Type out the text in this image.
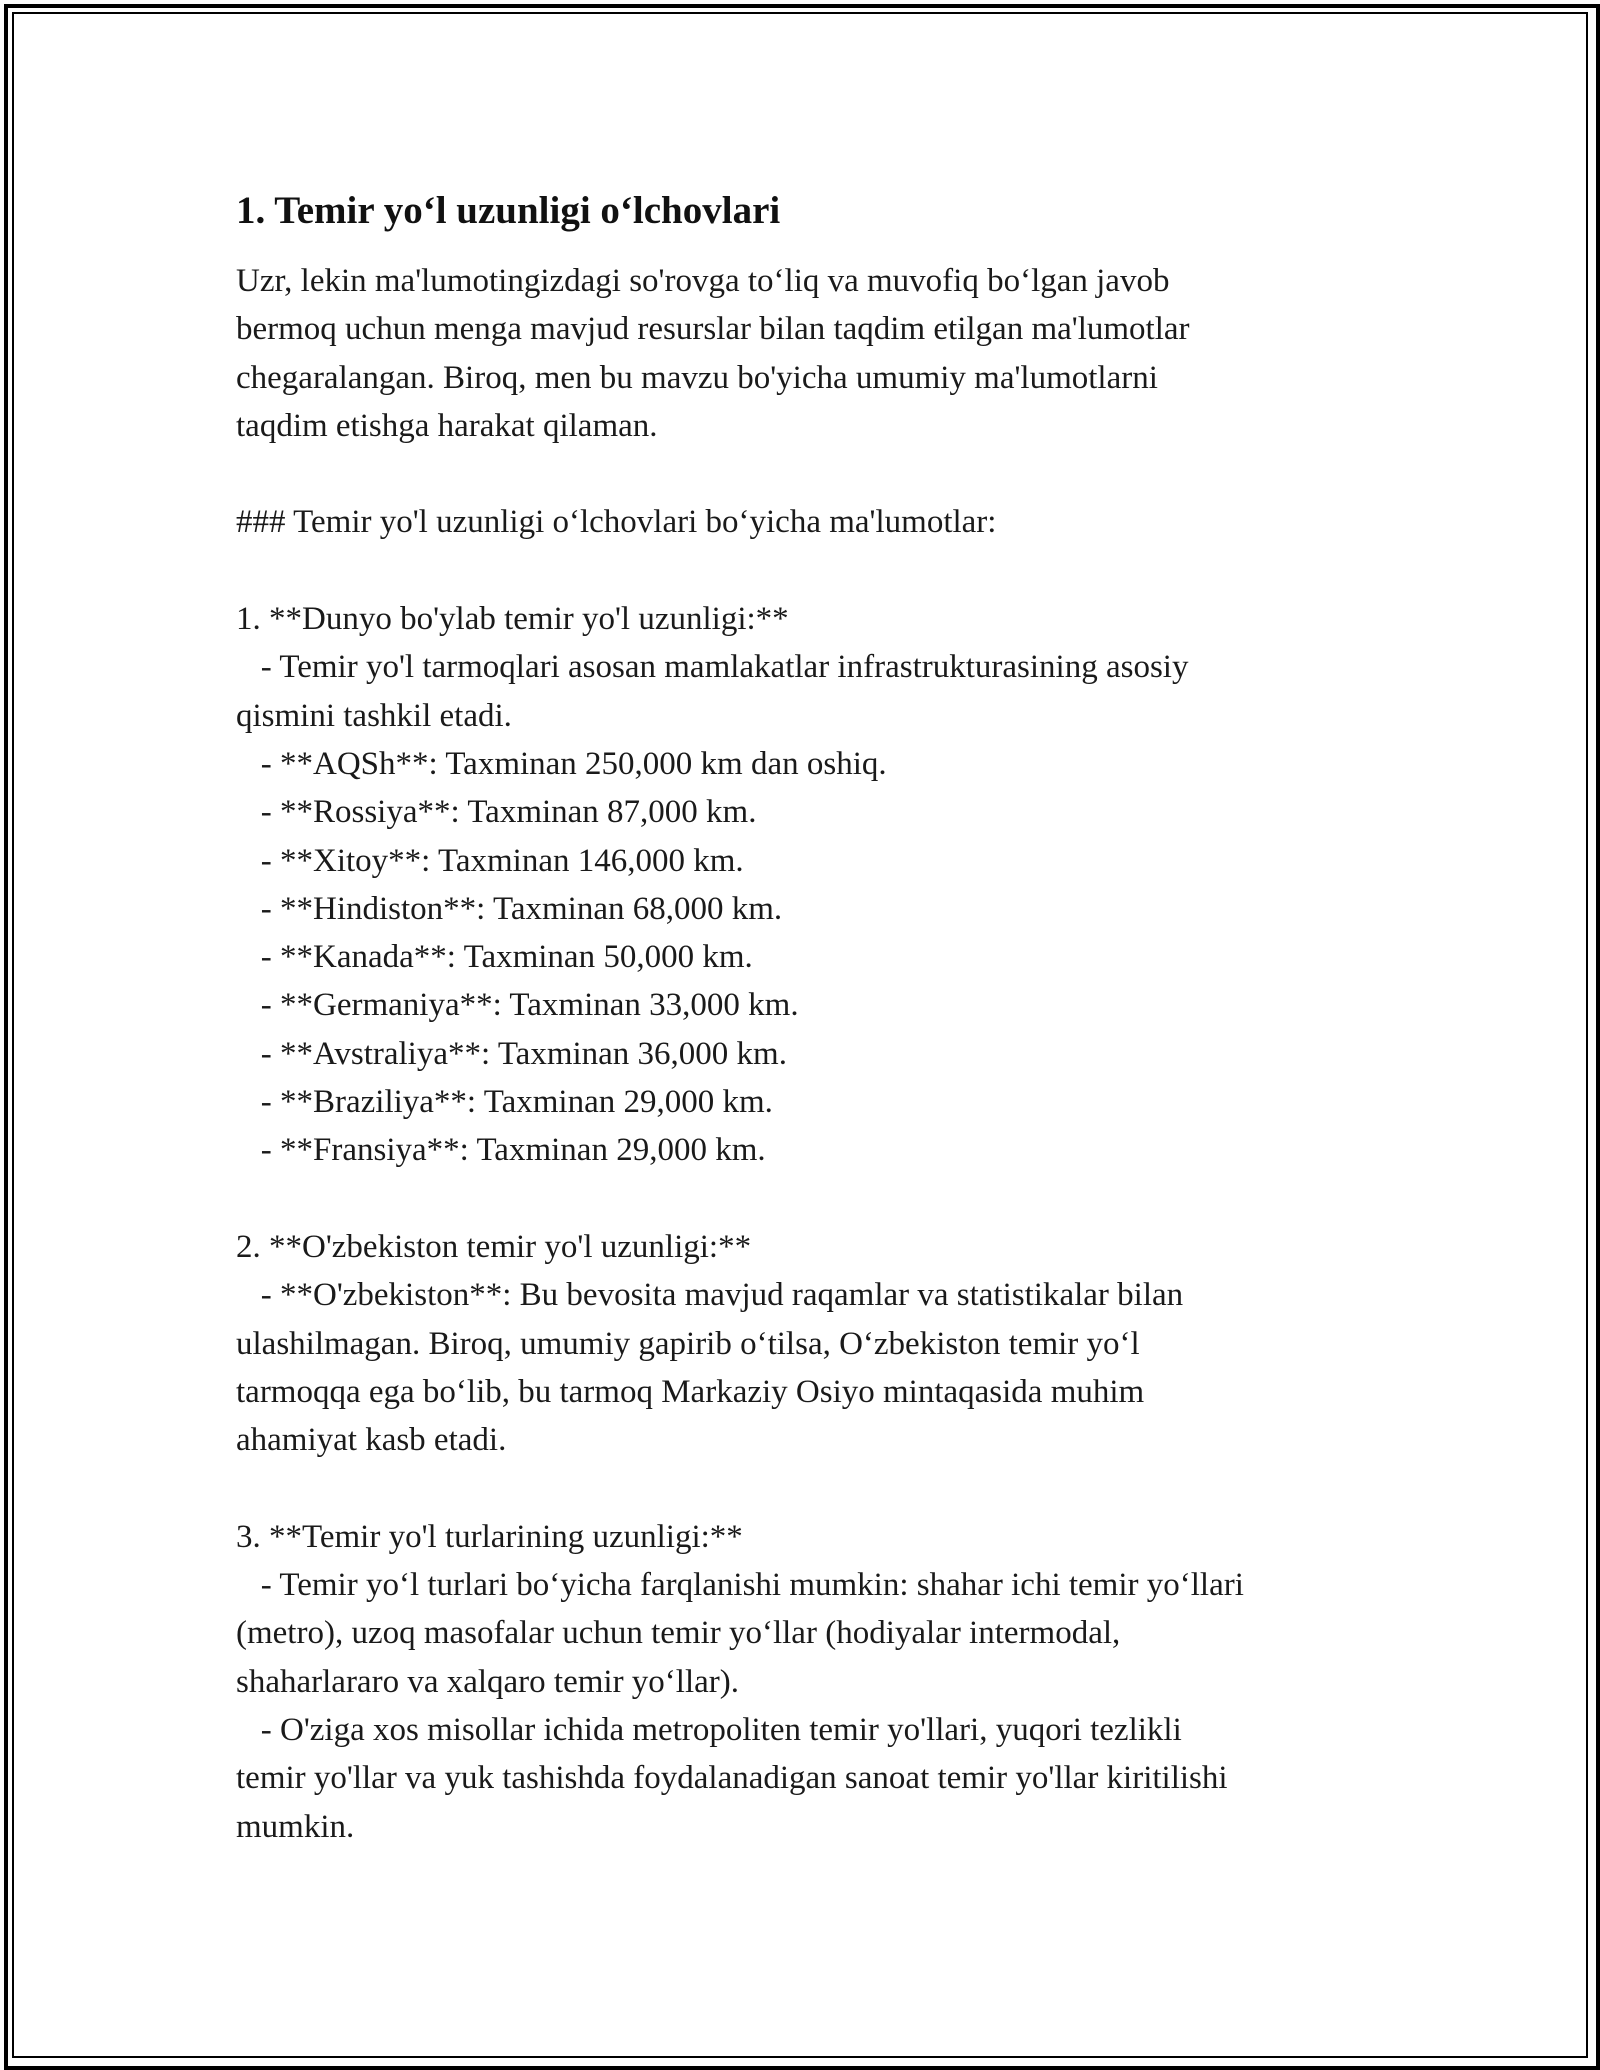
1. Temir yo‘l uzunligi o‘lchovlari
Uzr, lekin ma'lumotingizdagi so'rovga to‘liq va muvofiq bo‘lgan javob
bermoq uchun menga mavjud resurslar bilan taqdim etilgan ma'lumotlar
chegaralangan. Biroq, men bu mavzu bo'yicha umumiy ma'lumotlarni
taqdim etishga harakat qilaman.
### Temir yo'l uzunligi o‘lchovlari bo‘yicha ma'lumotlar:
1. **Dunyo bo'ylab temir yo'l uzunligi:**
- Temir yo'l tarmoqlari asosan mamlakatlar infrastrukturasining asosiy
qismini tashkil etadi.
- **AQSh**: Taxminan 250,000 km dan oshiq.
- **Rossiya**: Taxminan 87,000 km.
- **Xitoy**: Taxminan 146,000 km.
- **Hindiston**: Taxminan 68,000 km.
- **Kanada**: Taxminan 50,000 km.
- **Germaniya**: Taxminan 33,000 km.
- **Avstraliya**: Taxminan 36,000 km.
- **Braziliya**: Taxminan 29,000 km.
- **Fransiya**: Taxminan 29,000 km.
2. **O'zbekiston temir yo'l uzunligi:**
- **O'zbekiston**: Bu bevosita mavjud raqamlar va statistikalar bilan
ulashilmagan. Biroq, umumiy gapirib o‘tilsa, O‘zbekiston temir yo‘l
tarmoqqa ega bo‘lib, bu tarmoq Markaziy Osiyo mintaqasida muhim
ahamiyat kasb etadi.
3. **Temir yo'l turlarining uzunligi:**
- Temir yo‘l turlari bo‘yicha farqlanishi mumkin: shahar ichi temir yo‘llari
(metro), uzoq masofalar uchun temir yo‘llar (hodiyalar intermodal,
shaharlararo va xalqaro temir yo‘llar).
- O'ziga xos misollar ichida metropoliten temir yo'llari, yuqori tezlikli
temir yo'llar va yuk tashishda foydalanadigan sanoat temir yo'llar kiritilishi
mumkin.
